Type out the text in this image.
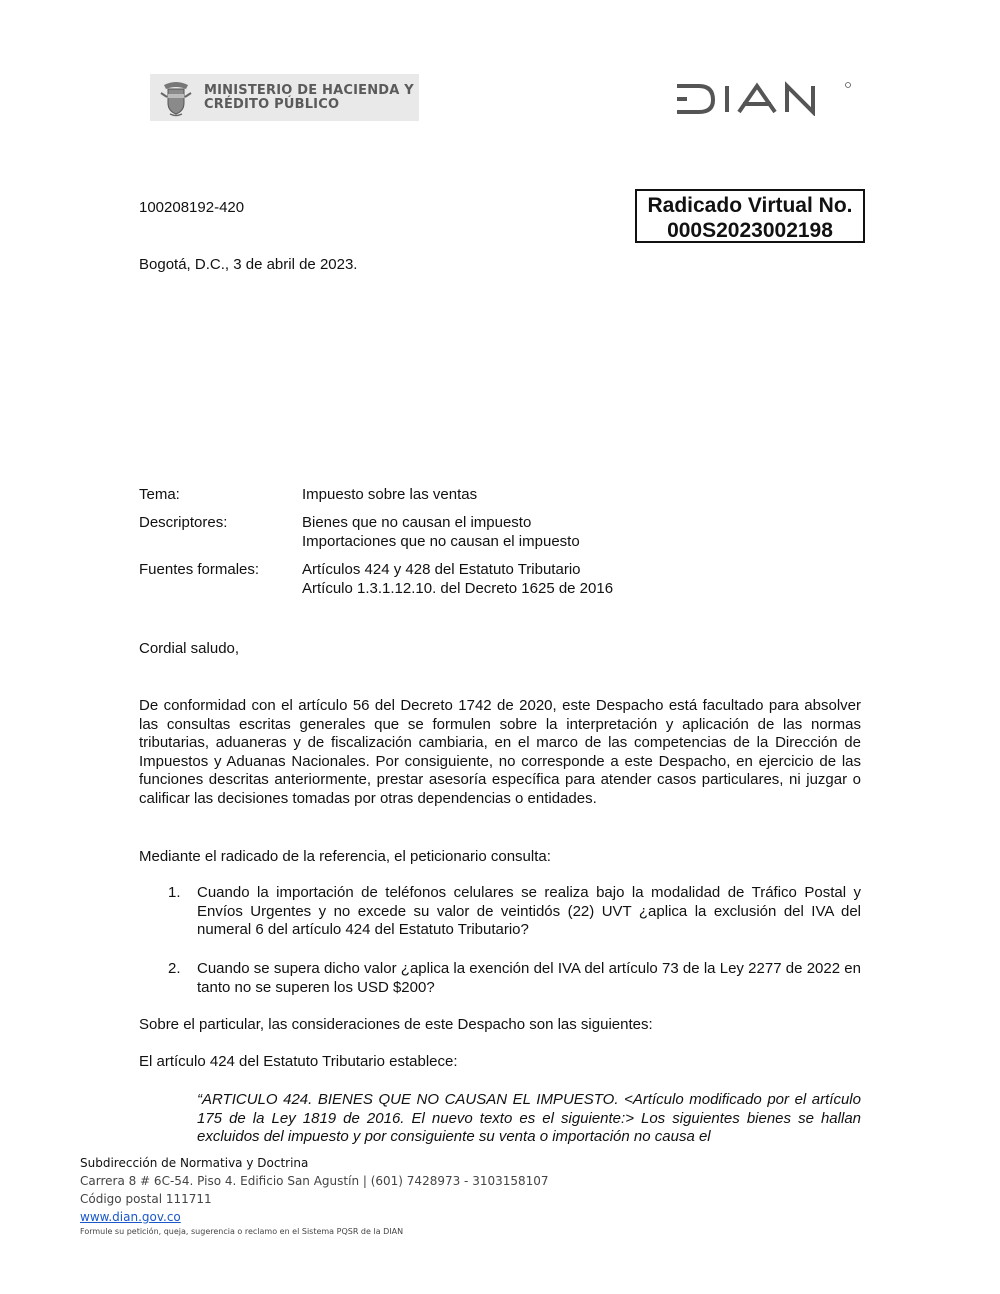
MINISTERIO DE HACIENDA Y
CRÉDITO PÚBLICO
100208192-420	Radicado Virtual No.
000S2023002198
Bogotá, D.C., 3 de abril de 2023.
Tema:	Impuesto sobre las ventas
Descriptores:	Bienes que no causan el impuesto
Importaciones que no causan el impuesto
Fuentes formales:	Artículos 424 y 428 del Estatuto Tributario
Artículo 1.3.1.12.10. del Decreto 1625 de 2016
Cordial saludo,
De conformidad con el artículo 56 del Decreto 1742 de 2020, este Despacho está facultado para absolver las consultas escritas generales que se formulen sobre la interpretación y aplicación de las normas tributarias, aduaneras y de fiscalización cambiaria, en el marco de las competencias de la Dirección de Impuestos y Aduanas Nacionales. Por consiguiente, no corresponde a este Despacho, en ejercicio de las funciones descritas anteriormente, prestar asesoría específica para atender casos particulares, ni juzgar o calificar las decisiones tomadas por otras dependencias o entidades.
Mediante el radicado de la referencia, el peticionario consulta:
1.	Cuando la importación de teléfonos celulares se realiza bajo la modalidad de Tráfico Postal y Envíos Urgentes y no excede su valor de veintidós (22) UVT ¿aplica la exclusión del IVA del numeral 6 del artículo 424 del Estatuto Tributario?
2.	Cuando se supera dicho valor ¿aplica la exención del IVA del artículo 73 de la Ley 2277 de 2022 en tanto no se superen los USD $200?
Sobre el particular, las consideraciones de este Despacho son las siguientes:
El artículo 424 del Estatuto Tributario establece:
“ARTICULO 424. BIENES QUE NO CAUSAN EL IMPUESTO. <Artículo modificado por el artículo 175 de la Ley 1819 de 2016. El nuevo texto es el siguiente:> Los siguientes bienes se hallan excluidos del impuesto y por consiguiente su venta o importación no causa el
Subdirección de Normativa y Doctrina
Carrera 8 # 6C-54. Piso 4. Edificio San Agustín | (601) 7428973 - 3103158107
Código postal 111711
www.dian.gov.co
Formule su petición, queja, sugerencia o reclamo en el Sistema PQSR de la DIAN
